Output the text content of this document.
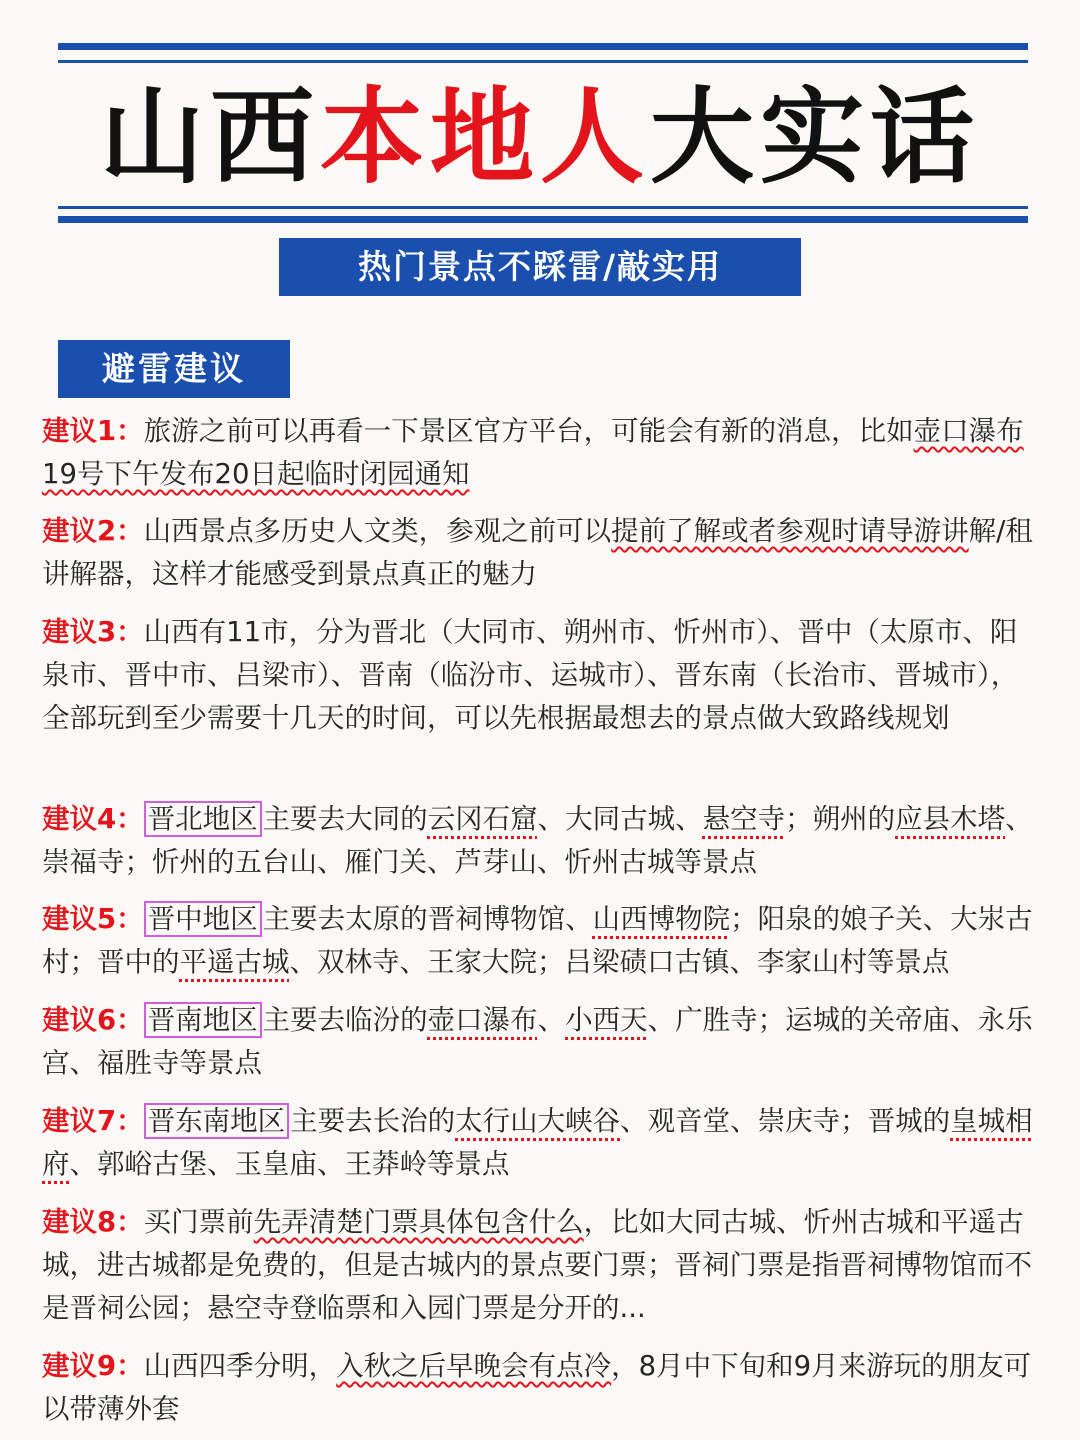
山西本地人大实话
热门景点不踩雷/敲实用
避雷建议
建议1：旅游之前可以再看一下景区官方平台，可能会有新的消息，比如壶口瀑布19号下午发布20日起临时闭园通知
建议2：山西景点多历史人文类，参观之前可以提前了解或者参观时请导游讲解/租讲解器，这样才能感受到景点真正的魅力
建议3：山西有11市，分为晋北（大同市、朔州市、忻州市）、晋中（太原市、阳泉市、晋中市、吕梁市）、晋南（临汾市、运城市）、晋东南（长治市、晋城市），全部玩到至少需要十几天的时间，可以先根据最想去的景点做大致路线规划
建议4： 晋北地区 主要去大同的云冈石窟、大同古城、悬空寺；朔州的应县木塔、崇福寺；忻州的五台山、雁门关、芦芽山、忻州古城等景点
建议5： 晋中地区 主要去太原的晋祠博物馆、山西博物院；阳泉的娘子关、大汖古村；晋中的平遥古城、双林寺、王家大院；吕梁碛口古镇、李家山村等景点
建议6： 晋南地区 主要去临汾的壶口瀑布、小西天、广胜寺；运城的关帝庙、永乐宫、福胜寺等景点
建议7： 晋东南地区 主要去长治的太行山大峡谷、观音堂、崇庆寺；晋城的皇城相府、郭峪古堡、玉皇庙、王莽岭等景点
建议8：买门票前先弄清楚门票具体包含什么，比如大同古城、忻州古城和平遥古城，进古城都是免费的，但是古城内的景点要门票；晋祠门票是指晋祠博物馆而不是晋祠公园；悬空寺登临票和入园门票是分开的...
建议9：山西四季分明，入秋之后早晚会有点冷，8月中下旬和9月来游玩的朋友可以带薄外套
